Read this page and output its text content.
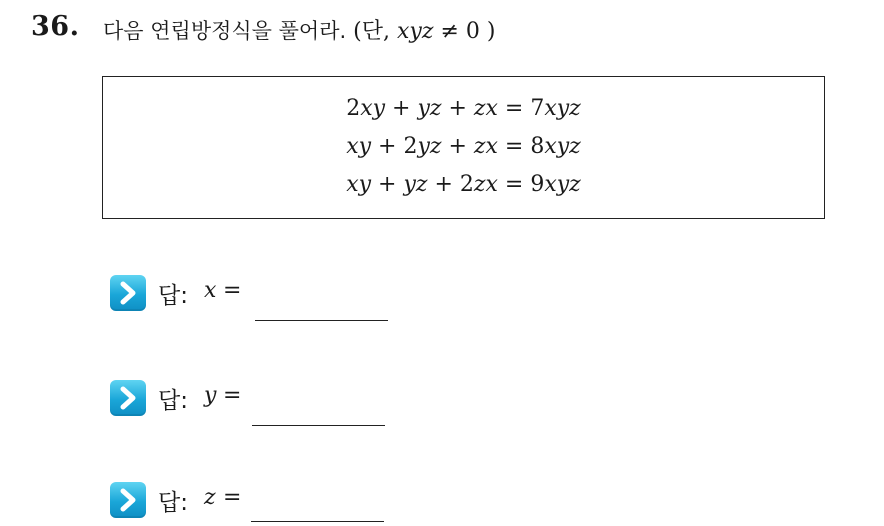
36. 다음 연립방정식을 풀어라. (단, xyz ≠ 0 )
2xy + yz + zx = 7xyz
xy + 2yz + zx = 8xyz
xy + yz + 2zx = 9xyz
답: x =
답: y =
답: z =
